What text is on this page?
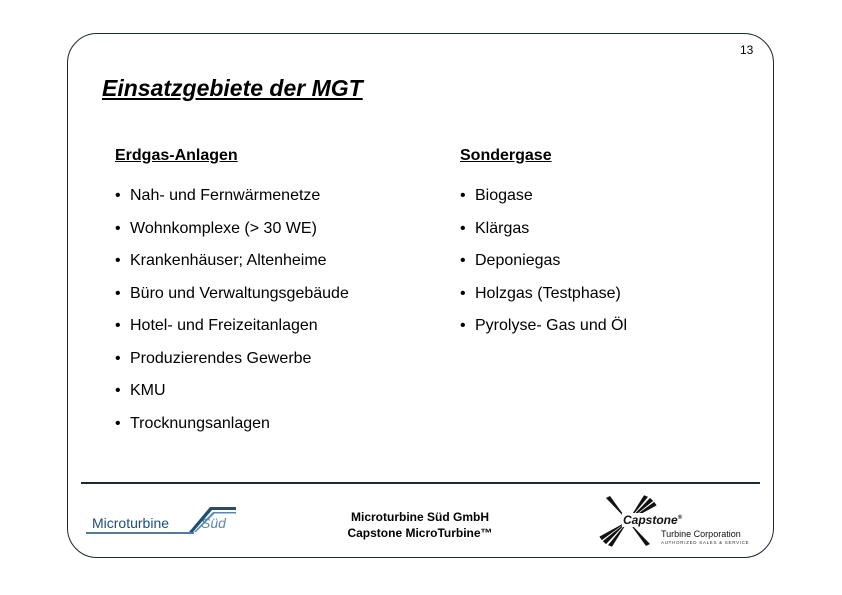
13
Einsatzgebiete der MGT
Erdgas-Anlagen
• Nah- und Fernwärmenetze
• Wohnkomplexe (> 30 WE)
• Krankenhäuser; Altenheime
• Büro und Verwaltungsgebäude
• Hotel- und Freizeitanlagen
• Produzierendes Gewerbe
• KMU
• Trocknungsanlagen
Sondergase
• Biogase
• Klärgas
• Deponiegas
• Holzgas (Testphase)
• Pyrolyse- Gas und Öl
Microturbine Süd	Microturbine Süd GmbH
Capstone MicroTurbine™
Capstone®
Turbine Corporation
AUTHORIZED SALES & SERVICE
